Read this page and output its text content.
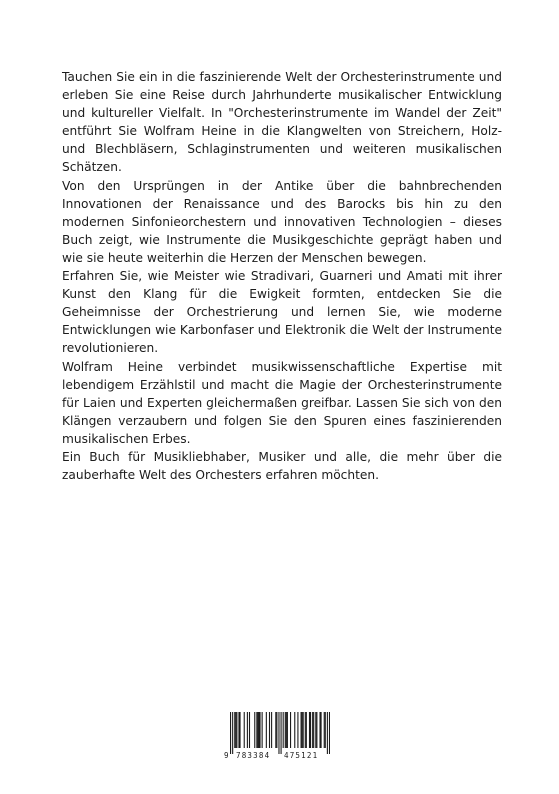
Tauchen Sie ein in die faszinierende Welt der Orchesterinstrumente und erleben Sie eine Reise durch Jahrhunderte musikalischer Entwicklung und kultureller Vielfalt. In "Orchesterinstrumente im Wandel der Zeit" entführt Sie Wolfram Heine in die Klangwelten von Streichern, Holz- und Blechbläsern, Schlaginstrumenten und weiteren musikalischen Schätzen.

Von den Ursprüngen in der Antike über die bahnbrechenden Innovationen der Renaissance und des Barocks bis hin zu den modernen Sinfonieorchestern und innovativen Technologien – dieses Buch zeigt, wie Instrumente die Musikgeschichte geprägt haben und wie sie heute weiterhin die Herzen der Menschen bewegen.

Erfahren Sie, wie Meister wie Stradivari, Guarneri und Amati mit ihrer Kunst den Klang für die Ewigkeit formten, entdecken Sie die Geheimnisse der Orchestrierung und lernen Sie, wie moderne Entwicklungen wie Karbonfaser und Elektronik die Welt der Instrumente revolutionieren.

Wolfram Heine verbindet musikwissenschaftliche Expertise mit lebendigem Erzählstil und macht die Magie der Orchesterinstrumente für Laien und Experten gleichermaßen greifbar. Lassen Sie sich von den Klängen verzaubern und folgen Sie den Spuren eines faszinierenden musikalischen Erbes.

Ein Buch für Musikliebhaber, Musiker und alle, die mehr über die zauberhafte Welt des Orchesters erfahren möchten.

9 783384 475121
